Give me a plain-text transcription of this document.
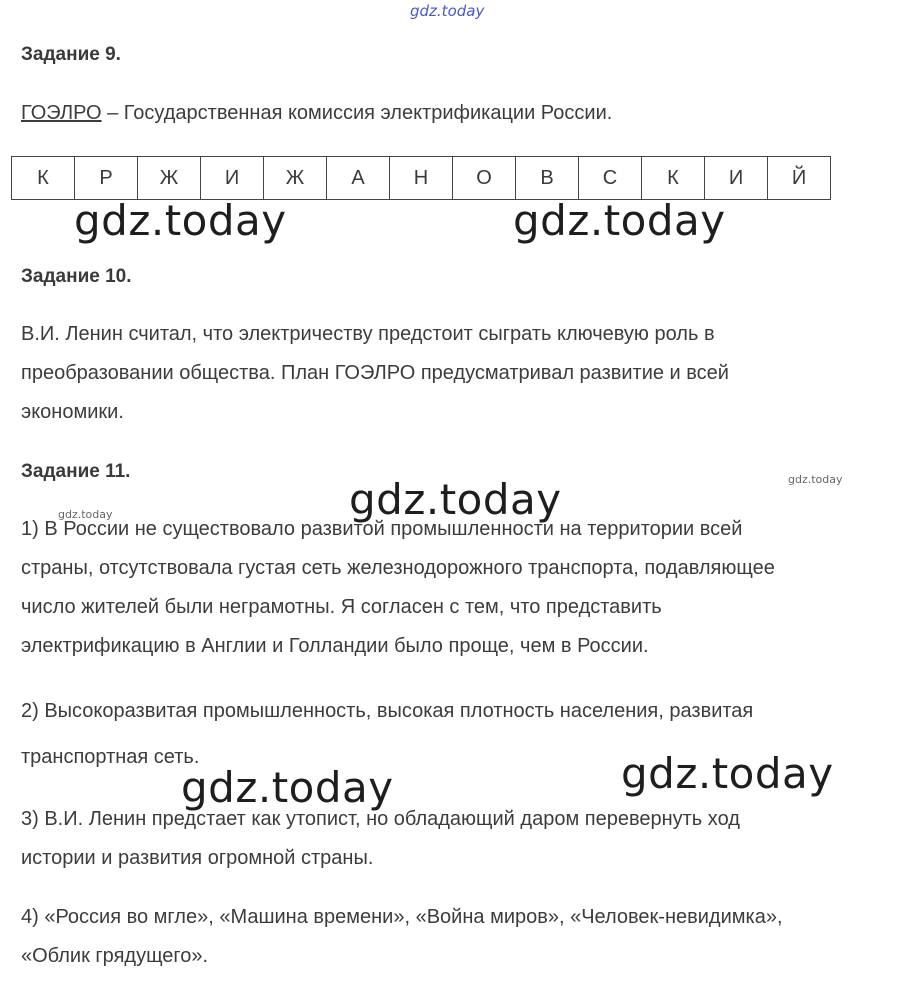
gdz.today
Задание 9.
ГОЭЛРО – Государственная комиссия электрификации России.
К	Р	Ж	И	Ж	А	Н	О	В	С	К	И	Й
gdz.today	gdz.today
Задание 10.
В.И. Ленин считал, что электричеству предстоит сыграть ключевую роль в
преобразовании общества. План ГОЭЛРО предусматривал развитие и всей
экономики.
Задание 11.	gdz.today
gdz.today	gdz.today
1) В России не существовало развитой промышленности на территории всей
страны, отсутствовала густая сеть железнодорожного транспорта, подавляющее
число жителей были неграмотны. Я согласен с тем, что представить
электрификацию в Англии и Голландии было проще, чем в России.
2) Высокоразвитая промышленность, высокая плотность населения, развитая
транспортная сеть.
gdz.today	gdz.today
3) В.И. Ленин предстает как утопист, но обладающий даром перевернуть ход
истории и развития огромной страны.
4) «Россия во мгле», «Машина времени», «Война миров», «Человек-невидимка»,
«Облик грядущего».
